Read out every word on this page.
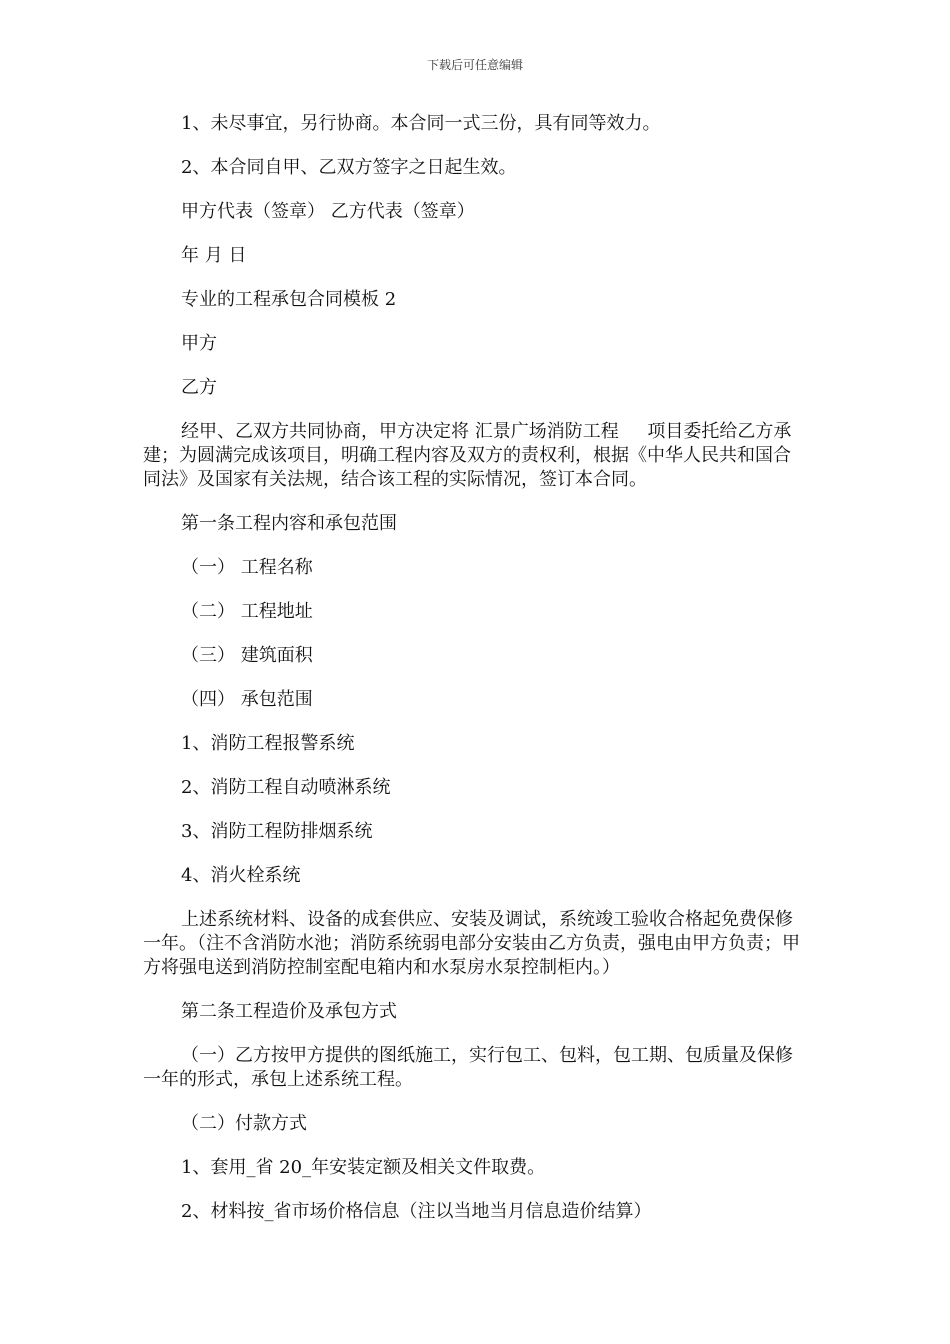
下载后可任意编辑

1、未尽事宜，另行协商。本合同一式三份，具有同等效力。

2、本合同自甲、乙双方签字之日起生效。

甲方代表（签章） 乙方代表（签章）

年 月 日

专业的工程承包合同模板 2

甲方

乙方

经甲、乙双方共同协商，甲方决定将 汇景广场消防工程     项目委托给乙方承建；为圆满完成该项目，明确工程内容及双方的责权利，根据《中华人民共和国合同法》及国家有关法规，结合该工程的实际情况，签订本合同。

第一条工程内容和承包范围

（一） 工程名称

（二） 工程地址

（三） 建筑面积

（四） 承包范围

1、消防工程报警系统

2、消防工程自动喷淋系统

3、消防工程防排烟系统

4、消火栓系统

上述系统材料、设备的成套供应、安装及调试，系统竣工验收合格起免费保修一年。（注不含消防水池；消防系统弱电部分安装由乙方负责，强电由甲方负责；甲方将强电送到消防控制室配电箱内和水泵房水泵控制柜内。）

第二条工程造价及承包方式

（一）乙方按甲方提供的图纸施工，实行包工、包料，包工期、包质量及保修一年的形式，承包上述系统工程。

（二）付款方式

1、套用_省 20_年安装定额及相关文件取费。

2、材料按_省市场价格信息（注以当地当月信息造价结算）
